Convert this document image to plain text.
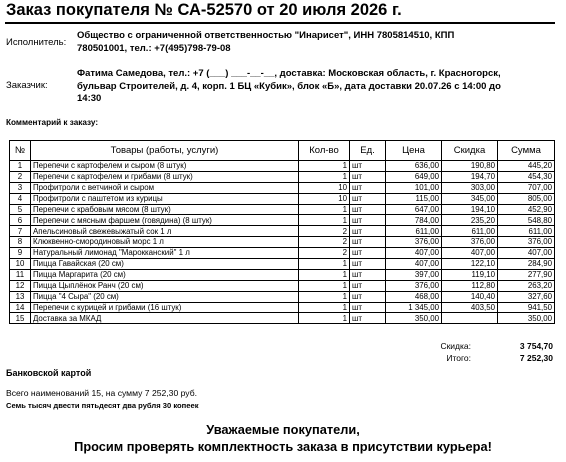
Заказ покупателя № СА-52570 от 20 июля 2026 г.
Исполнитель:
Общество с ограниченной ответственностью "Инарисет", ИНН 7805814510, КПП
780501001, тел.: +7(495)798-79-08
Заказчик:
Фатима Самедова, тел.: +7 (___) ___-__-__, доставка: Московская область, г. Красногорск,
бульвар Строителей, д. 4, корп. 1 БЦ «Кубик», блок «Б», дата доставки 20.07.26 с 14:00 до
14:30
Комментарий к заказу:
№	Товары (работы, услуги)	Кол-во	Ед.	Цена	Скидка	Сумма
1	Перепечи с картофелем и сыром (8 штук)	1	шт	636,00	190,80	445,20
2	Перепечи с картофелем и грибами (8 штук)	1	шт	649,00	194,70	454,30
3	Профитроли с ветчиной и сыром	10	шт	101,00	303,00	707,00
4	Профитроли с паштетом из курицы	10	шт	115,00	345,00	805,00
5	Перепечи с крабовым мясом (8 штук)	1	шт	647,00	194,10	452,90
6	Перепечи с мясным фаршем (говядина) (8 штук)	1	шт	784,00	235,20	548,80
7	Апельсиновый свежевыжатый сок 1 л	2	шт	611,00	611,00	611,00
8	Клюквенно-смородиновый морс 1 л	2	шт	376,00	376,00	376,00
9	Натуральный лимонад "Марокканский" 1 л	2	шт	407,00	407,00	407,00
10	Пицца Гавайская (20 см)	1	шт	407,00	122,10	284,90
11	Пицца Маргарита (20 см)	1	шт	397,00	119,10	277,90
12	Пицца Цыплёнок Ранч (20 см)	1	шт	376,00	112,80	263,20
13	Пицца "4 Сыра" (20 см)	1	шт	468,00	140,40	327,60
14	Перепечи с курицей и грибами (16 штук)	1	шт	1 345,00	403,50	941,50
15	Доставка за МКАД	1	шт	350,00		350,00
Скидка:	3 754,70
Итого:	7 252,30
Банковской картой
Всего наименований 15, на сумму 7 252,30 руб.
Семь тысяч двести пятьдесят два рубля 30 копеек
Уважаемые покупатели,
Просим проверять комплектность заказа в присутствии курьера!
